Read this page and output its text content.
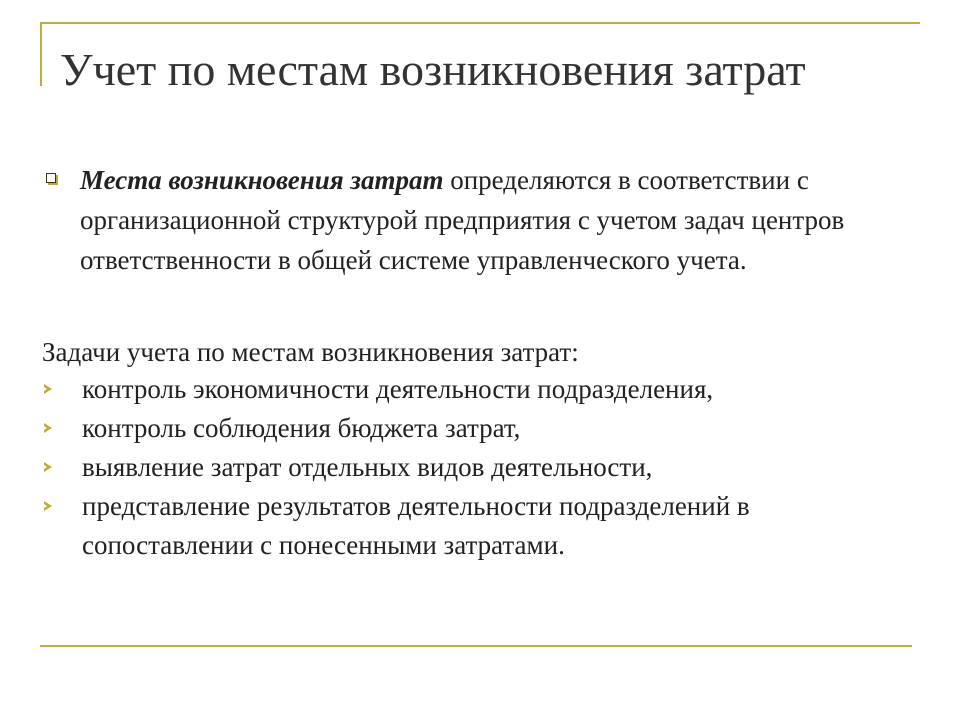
Учет по местам возникновения затрат
Места возникновения затрат определяются в соответствии с организационной структурой предприятия с учетом задач центров ответственности в общей системе управленческого учета.
Задачи учета по местам возникновения затрат:
контроль экономичности деятельности подразделения,
контроль соблюдения бюджета затрат,
выявление затрат отдельных видов деятельности,
представление результатов деятельности подразделений в сопоставлении с понесенными затратами.
